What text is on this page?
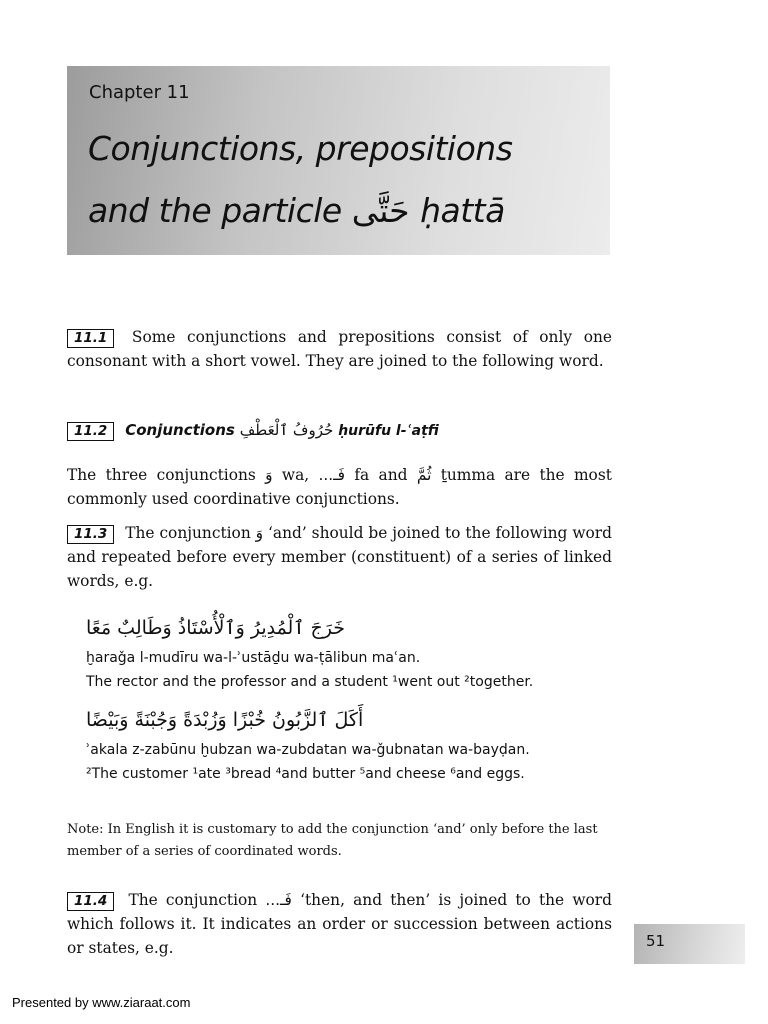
Chapter 11
Conjunctions, prepositions
and the particle حَتَّى ḥattā
11.1 Some conjunctions and prepositions consist of only one consonant with a short vowel. They are joined to the following word.
11.2 Conjunctions حُرُوفُ ٱلْعَطْفِ ḥurūfu l-ʿaṭfi
The three conjunctions وَ wa, فَـ... fa and ثُمَّ ṯumma are the most commonly used coordinative conjunctions.
11.3 The conjunction وَ ‘and’ should be joined to the following word and repeated before every member (constituent) of a series of linked words, e.g.
خَرَجَ ٱلْمُدِيرُ وَٱلْأُسْتَاذُ وَطَالِبٌ مَعًا
ḫaraǧa l-mudīru wa-l-ʾustāḏu wa-ṭālibun maʿan.
The rector and the professor and a student ¹went out ²together.
أَكَلَ ٱلزَّبُونُ خُبْزًا وَزُبْدَةً وَجُبْنَةً وَبَيْضًا
ʾakala z-zabūnu ḫubzan wa-zubdatan wa-ǧubnatan wa-bayḍan.
²The customer ¹ate ³bread ⁴and butter ⁵and cheese ⁶and eggs.
Note: In English it is customary to add the conjunction ‘and’ only before the last member of a series of coordinated words.
11.4 The conjunction فَـ... ‘then, and then’ is joined to the word which follows it. It indicates an order or succession between actions or states, e.g.	51
Presented by www.ziaraat.com
